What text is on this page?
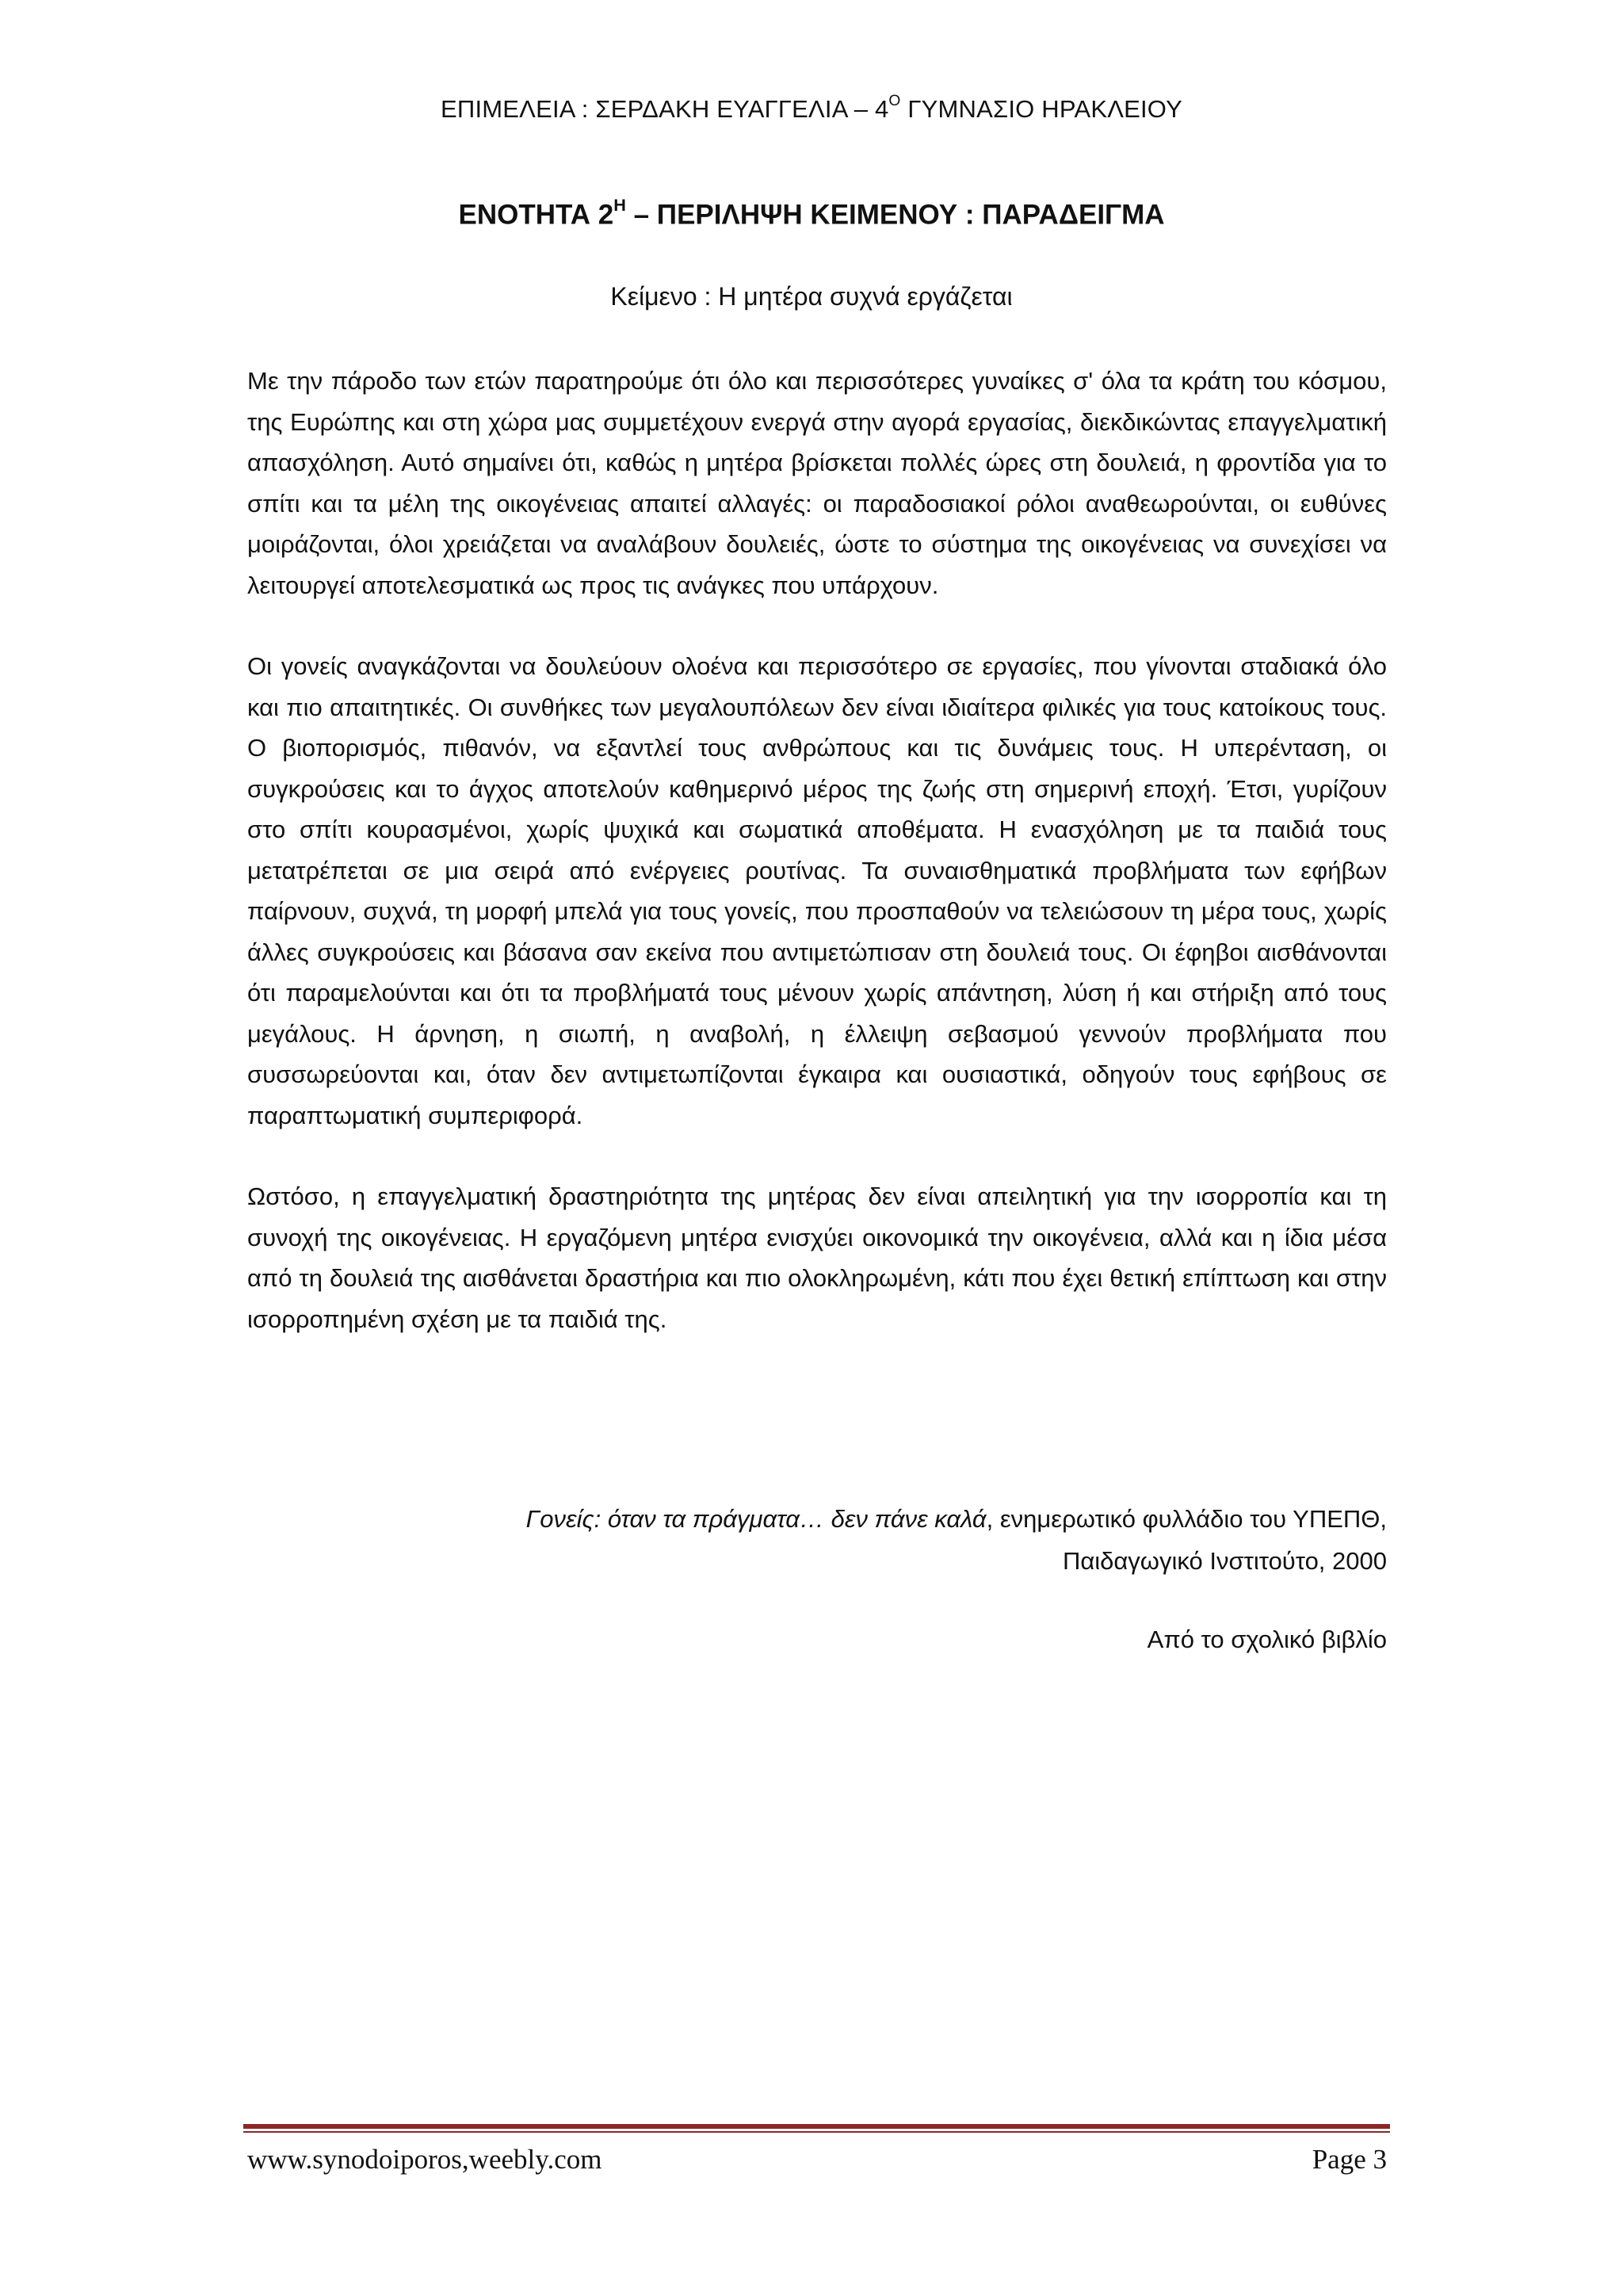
ΕΠΙΜΕΛΕΙΑ : ΣΕΡΔΑΚΗ ΕΥΑΓΓΕΛΙΑ – $4^O$ ΓΥΜΝΑΣΙΟ ΗΡΑΚΛΕΙΟΥ
ΕΝΟΤΗΤΑ $2^H$ – ΠΕΡΙΛΗΨΗ ΚΕΙΜΕΝΟΥ : ΠΑΡΑΔΕΙΓΜΑ
Κείμενο : Η μητέρα συχνά εργάζεται

Με την πάροδο των ετών παρατηρούμε ότι όλο και περισσότερες γυναίκες σ' όλα τα κράτη του κόσμου, της Ευρώπης και στη χώρα μας συμμετέχουν ενεργά στην αγορά εργασίας, διεκδικώντας επαγγελματική απασχόληση. Αυτό σημαίνει ότι, καθώς η μητέρα βρίσκεται πολλές ώρες στη δουλειά, η φροντίδα για το σπίτι και τα μέλη της οικογένειας απαιτεί αλλαγές: οι παραδοσιακοί ρόλοι αναθεωρούνται, οι ευθύνες μοιράζονται, όλοι χρειάζεται να αναλάβουν δουλειές, ώστε το σύστημα της οικογένειας να συνεχίσει να λειτουργεί αποτελεσματικά ως προς τις ανάγκες που υπάρχουν.

Οι γονείς αναγκάζονται να δουλεύουν ολοένα και περισσότερο σε εργασίες, που γίνονται σταδιακά όλο και πιο απαιτητικές. Οι συνθήκες των μεγαλουπόλεων δεν είναι ιδιαίτερα φιλικές για τους κατοίκους τους. Ο βιοπορισμός, πιθανόν, να εξαντλεί τους ανθρώπους και τις δυνάμεις τους. Η υπερένταση, οι συγκρούσεις και το άγχος αποτελούν καθημερινό μέρος της ζωής στη σημερινή εποχή. Έτσι, γυρίζουν στο σπίτι κουρασμένοι, χωρίς ψυχικά και σωματικά αποθέματα. Η ενασχόληση με τα παιδιά τους μετατρέπεται σε μια σειρά από ενέργειες ρουτίνας. Τα συναισθηματικά προβλήματα των εφήβων παίρνουν, συχνά, τη μορφή μπελά για τους γονείς, που προσπαθούν να τελειώσουν τη μέρα τους, χωρίς άλλες συγκρούσεις και βάσανα σαν εκείνα που αντιμετώπισαν στη δουλειά τους. Οι έφηβοι αισθάνονται ότι παραμελούνται και ότι τα προβλήματά τους μένουν χωρίς απάντηση, λύση ή και στήριξη από τους μεγάλους. Η άρνηση, η σιωπή, η αναβολή, η έλλειψη σεβασμού γεννούν προβλήματα που συσσωρεύονται και, όταν δεν αντιμετωπίζονται έγκαιρα και ουσιαστικά, οδηγούν τους εφήβους σε παραπτωματική συμπεριφορά.

Ωστόσο, η επαγγελματική δραστηριότητα της μητέρας δεν είναι απειλητική για την ισορροπία και τη συνοχή της οικογένειας. Η εργαζόμενη μητέρα ενισχύει οικονομικά την οικογένεια, αλλά και η ίδια μέσα από τη δουλειά της αισθάνεται δραστήρια και πιο ολοκληρωμένη, κάτι που έχει θετική επίπτωση και στην ισορροπημένη σχέση με τα παιδιά της.

Γονείς: όταν τα πράγματα… δεν πάνε καλά, ενημερωτικό φυλλάδιο του ΥΠΕΠΘ,
Παιδαγωγικό Ινστιτούτο, 2000
Από το σχολικό βιβλίο
www.synodoiporos,weebly.com	Page 3
